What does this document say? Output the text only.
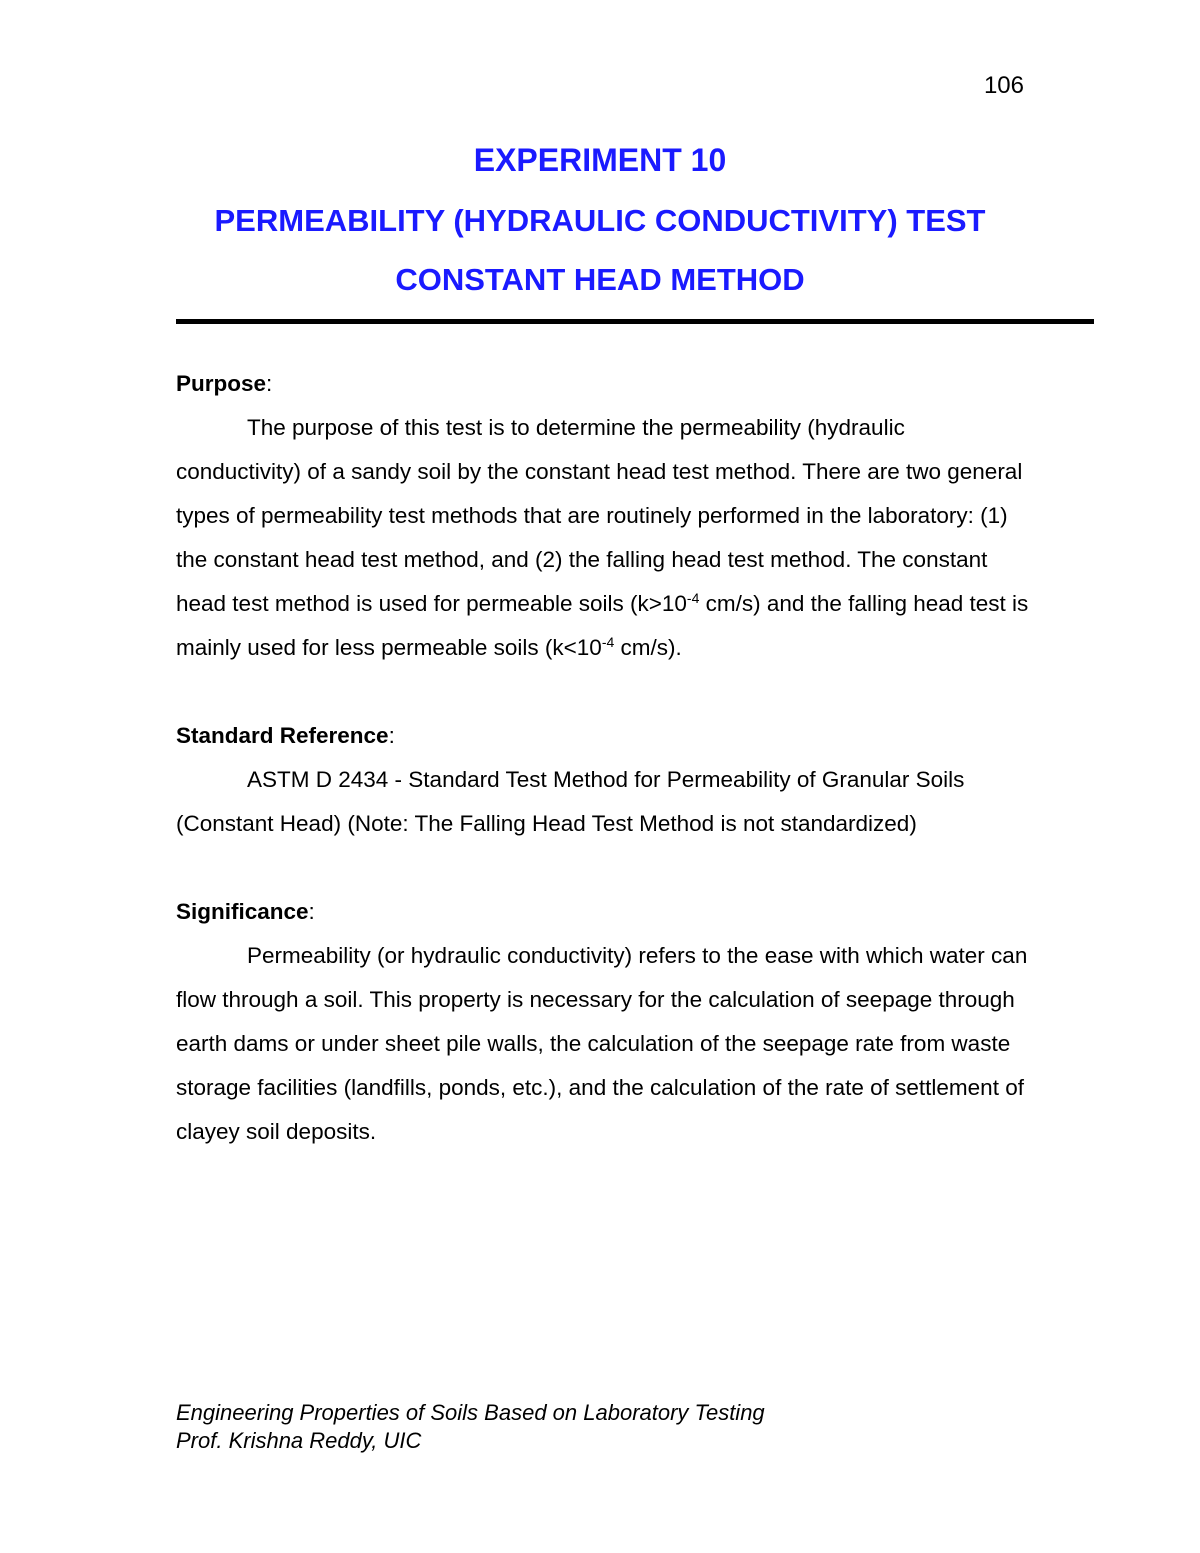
106
EXPERIMENT 10
PERMEABILITY (HYDRAULIC CONDUCTIVITY) TEST
CONSTANT HEAD METHOD

Purpose:

The purpose of this test is to determine the permeability (hydraulic conductivity) of a sandy soil by the constant head test method. There are two general types of permeability test methods that are routinely performed in the laboratory: (1) the constant head test method, and (2) the falling head test method. The constant head test method is used for permeable soils ($k>10^{-4}$ cm/s) and the falling head test is mainly used for less permeable soils ($k<10^{-4}$ cm/s).

Standard Reference:

ASTM D 2434 - Standard Test Method for Permeability of Granular Soils (Constant Head) (Note: The Falling Head Test Method is not standardized)

Significance:

Permeability (or hydraulic conductivity) refers to the ease with which water can flow through a soil. This property is necessary for the calculation of seepage through earth dams or under sheet pile walls, the calculation of the seepage rate from waste storage facilities (landfills, ponds, etc.), and the calculation of the rate of settlement of clayey soil deposits.

Engineering Properties of Soils Based on Laboratory Testing
Prof. Krishna Reddy, UIC
